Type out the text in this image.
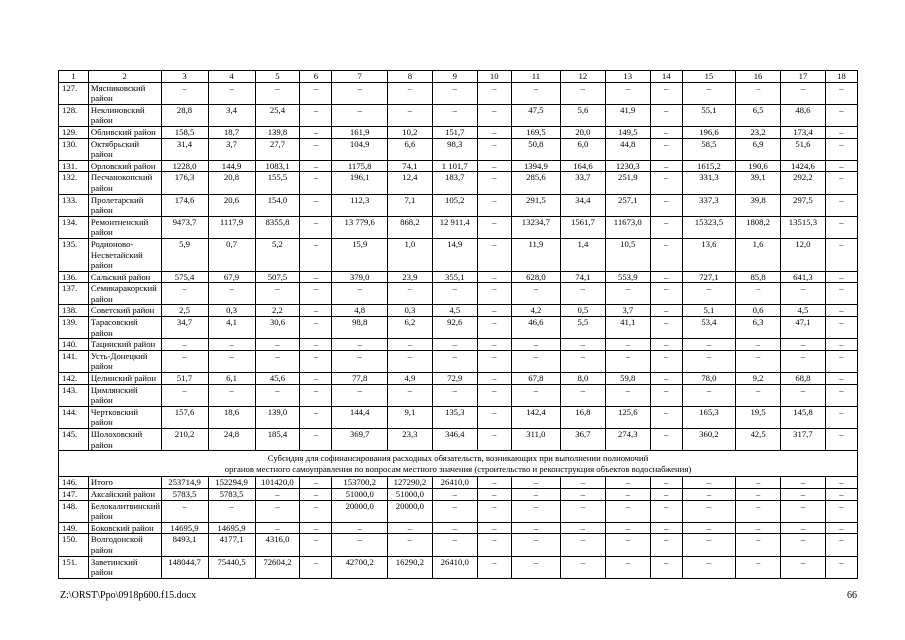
1	2	3	4	5	6	7	8	9	10	11	12	13	14	15	16	17	18
127.	Мясниковский район	–	–	–	–	–	–	–	–	–	–	–	–	–	–	–	–
128.	Неклиновский район	28,8	3,4	25,4	–	–	–	–	–	47,5	5,6	41,9	–	55,1	6,5	48,6	–
129.	Обливский район	158,5	18,7	139,8	–	161,9	10,2	151,7	–	169,5	20,0	149,5	–	196,6	23,2	173,4	–
130.	Октябрьский район	31,4	3,7	27,7	–	104,9	6,6	98,3	–	50,8	6,0	44,8	–	58,5	6,9	51,6	–
131.	Орловский район	1228,0	144,9	1083,1	–	1175,8	74,1	1 101,7	–	1394,9	164,6	1230,3	–	1615,2	190,6	1424,6	–
132.	Песчанокопский район	176,3	20,8	155,5	–	196,1	12,4	183,7	–	285,6	33,7	251,9	–	331,3	39,1	292,2	–
133.	Пролетарский район	174,6	20,6	154,0	–	112,3	7,1	105,2	–	291,5	34,4	257,1	–	337,3	39,8	297,5	–
134.	Ремонтненский район	9473,7	1117,9	8355,8	–	13 779,6	868,2	12 911,4	–	13234,7	1561,7	11673,0	–	15323,5	1808,2	13515,3	–
135.	Родионово-Несветайский район	5,9	0,7	5,2	–	15,9	1,0	14,9	–	11,9	1,4	10,5	–	13,6	1,6	12,0	–
136.	Сальский район	575,4	67,9	507,5	–	379,0	23,9	355,1	–	628,0	74,1	553,9	–	727,1	85,8	641,3	–
137.	Семикаракорский район	–	–	–	–	–	–	–	–	–	–	–	–	–	–	–	–
138.	Советский район	2,5	0,3	2,2	–	4,8	0,3	4,5	–	4,2	0,5	3,7	–	5,1	0,6	4,5	–
139.	Тарасовский район	34,7	4,1	30,6	–	98,8	6,2	92,6	–	46,6	5,5	41,1	–	53,4	6,3	47,1	–
140.	Тацинский район	–	–	–	–	–	–	–	–	–	–	–	–	–	–	–	–
141.	Усть-Донецкий район	–	–	–	–	–	–	–	–	–	–	–	–	–	–	–	–
142.	Целинский район	51,7	6,1	45,6	–	77,8	4,9	72,9	–	67,8	8,0	59,8	–	78,0	9,2	68,8	–
143.	Цимлянский район	–	–	–	–	–	–	–	–	–	–	–	–	–	–	–	–
144.	Чертковский район	157,6	18,6	139,0	–	144,4	9,1	135,3	–	142,4	16,8	125,6	–	165,3	19,5	145,8	–
145.	Шолоховский район	210,2	24,8	185,4	–	369,7	23,3	346,4	–	311,0	36,7	274,3	–	360,2	42,5	317,7	–

Субсидия для софинансирования расходных обязательств, возникающих при выполнении полномочий
органов местного самоуправления по вопросам местного значения (строительство и реконструкция объектов водоснабжения)																	

146.	Итого	253714,9	152294,9	101420,0	–	153700,2	127290,2	26410,0	–	–	–	–	–	–	–	–	–
147.	Аксайский район	5783,5	5783,5	–	–	51000,0	51000,0	–	–	–	–	–	–	–	–	–	–
148.	Белокалитвинский район	–	–	–	–	20000,0	20000,0	–	–	–	–	–	–	–	–	–	–
149.	Боковский район	14695,9	14695,9	–	–	–	–	–	–	–	–	–	–	–	–	–	–
150.	Волгодонской район	8493,1	4177,1	4316,0	–	–	–	–	–	–	–	–	–	–	–	–	–
151.	Заветинский район	148044,7	75440,5	72604,2	–	42700,2	16290,2	26410,0	–	–	–	–	–	–	–	–	–
Z:\ORST\Ppo\0918p600.f15.docx	66
